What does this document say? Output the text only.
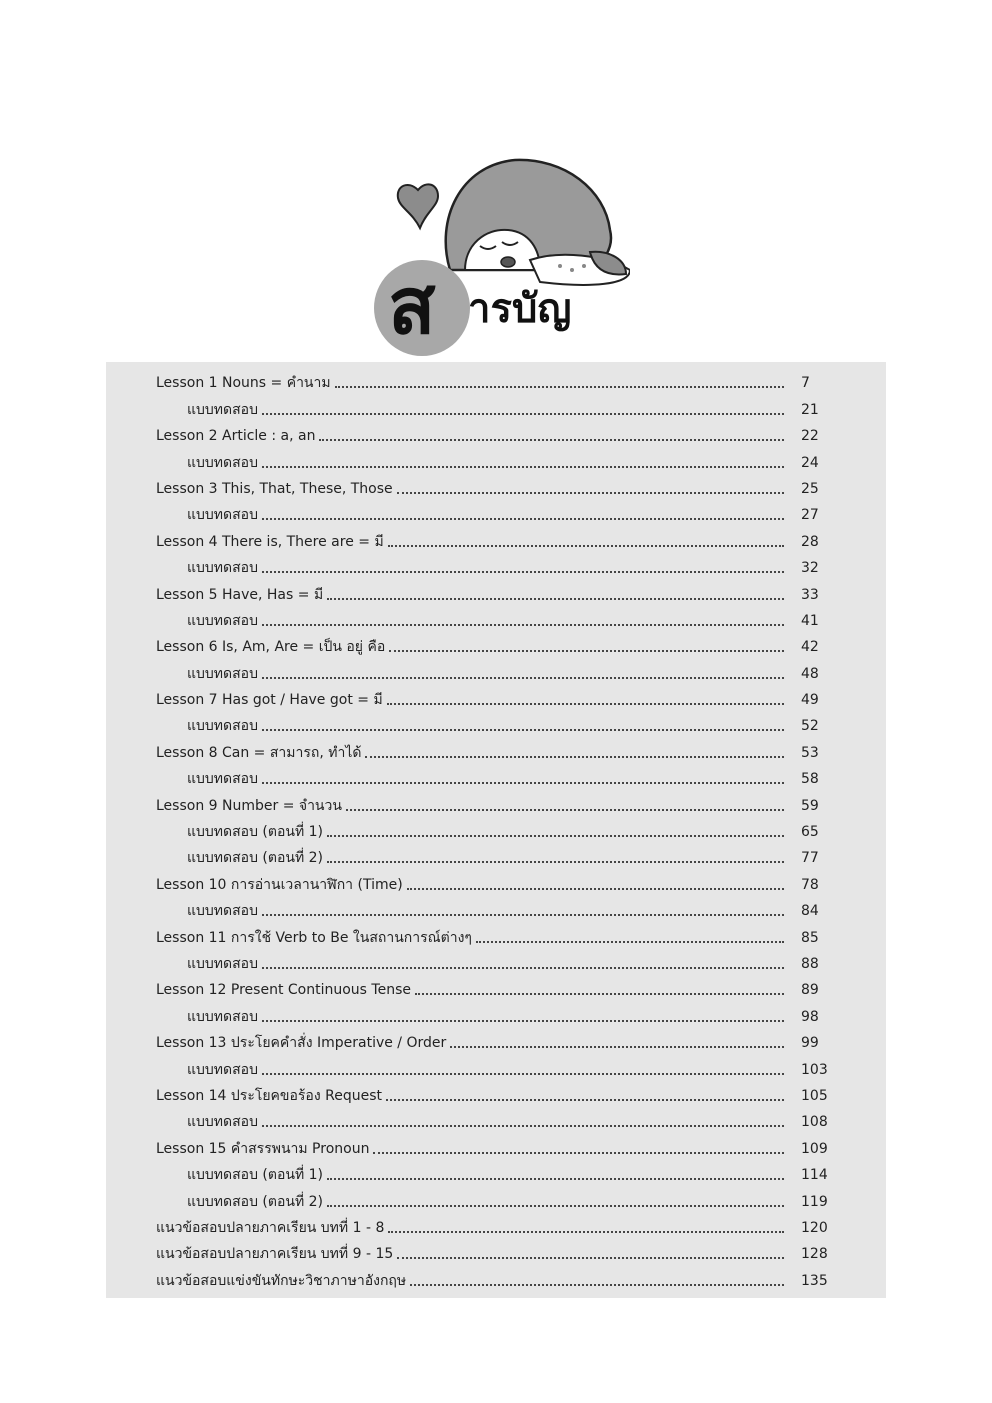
ส ารบัญ
Lesson 1 Nouns = คำนาม	7
แบบทดสอบ	21
Lesson 2 Article : a, an	22
แบบทดสอบ	24
Lesson 3 This, That, These, Those	25
แบบทดสอบ	27
Lesson 4 There is, There are = มี	28
แบบทดสอบ	32
Lesson 5 Have, Has = มี	33
แบบทดสอบ	41
Lesson 6 Is, Am, Are = เป็น อยู่ คือ	42
แบบทดสอบ	48
Lesson 7 Has got / Have got = มี	49
แบบทดสอบ	52
Lesson 8 Can = สามารถ, ทำได้	53
แบบทดสอบ	58
Lesson 9 Number = จำนวน	59
แบบทดสอบ (ตอนที่ 1)	65
แบบทดสอบ (ตอนที่ 2)	77
Lesson 10 การอ่านเวลานาฬิกา (Time)	78
แบบทดสอบ	84
Lesson 11 การใช้ Verb to Be ในสถานการณ์ต่างๆ	85
แบบทดสอบ	88
Lesson 12 Present Continuous Tense	89
แบบทดสอบ	98
Lesson 13 ประโยคคำสั่ง Imperative / Order	99
แบบทดสอบ	103
Lesson 14 ประโยคขอร้อง Request	105
แบบทดสอบ	108
Lesson 15 คำสรรพนาม Pronoun	109
แบบทดสอบ (ตอนที่ 1)	114
แบบทดสอบ (ตอนที่ 2)	119
แนวข้อสอบปลายภาคเรียน บทที่ 1 - 8	120
แนวข้อสอบปลายภาคเรียน บทที่ 9 - 15	128
แนวข้อสอบแข่งขันทักษะวิชาภาษาอังกฤษ	135
